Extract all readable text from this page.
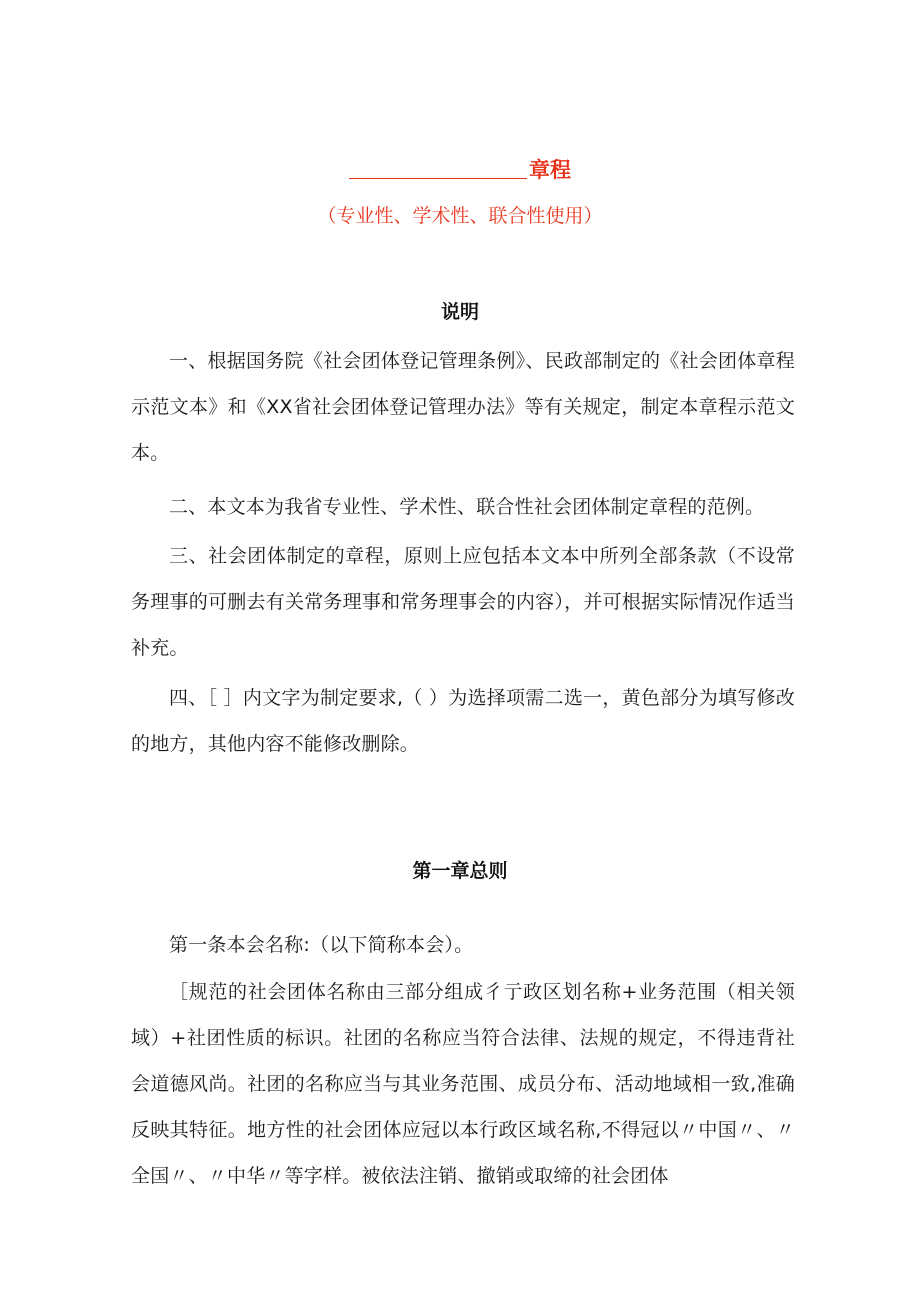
章程
（专业性、学术性、联合性使用）
说明
一、根据国务院《社会团体登记管理条例》、民政部制定的《社会团体章程示范文本》和《XX省社会团体登记管理办法》等有关规定，制定本章程示范文本。
二、本文本为我省专业性、学术性、联合性社会团体制定章程的范例。
三、社会团体制定的章程，原则上应包括本文本中所列全部条款（不设常务理事的可删去有关常务理事和常务理事会的内容），并可根据实际情况作适当补充。
四、［ ］内文字为制定要求,（ ）为选择项需二选一，黄色部分为填写修改的地方，其他内容不能修改删除。
第一章总则
第一条本会名称:（以下简称本会）。
［规范的社会团体名称由三部分组成彳亍政区划名称+业务范围（相关领域）+社团性质的标识。社团的名称应当符合法律、法规的规定，不得违背社会道德风尚。社团的名称应当与其业务范围、成员分布、活动地域相一致,准确反映其特征。地方性的社会团体应冠以本行政区域名称,不得冠以〃中国〃、〃全国〃、〃中华〃等字样。被依法注销、撤销或取缔的社会团体
